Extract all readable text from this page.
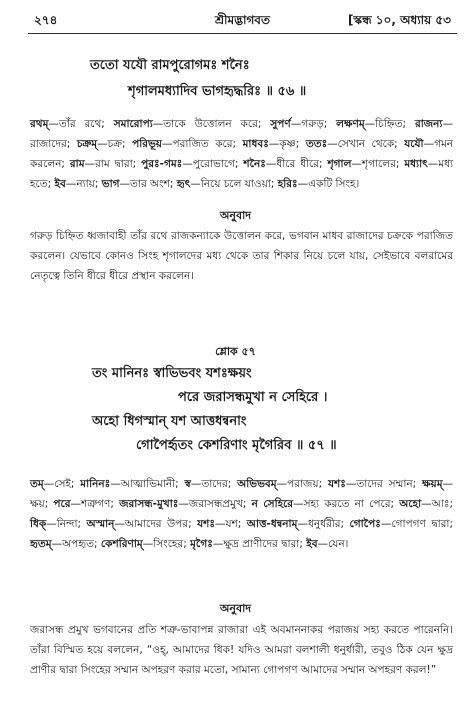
২৭৪	শ্রীমদ্ভাগবত	[স্কন্ধ ১০, অধ্যায় ৫৩
ততো যযৌ রামপুরোগমঃ শনৈঃ
শৃগালমধ্যাদিব ভাগহৃদ্ধরিঃ ॥ ৫৬ ॥
রথম্—তাঁর রথে; সমারোপ্য—তাকে উত্তোলন করে; সুপর্ণ—গরুড়; লক্ষণম্—চিহ্নিত; রাজন্য—রাজাদের; চক্রম্—চক্র; পরিভূয়—পরাজিত করে; মাধবঃ—কৃষ্ণ; ততঃ—সেখান থেকে; যযৌ—গমন করলেন; রাম—রাম দ্বারা; পুরঃ-গমঃ—পুরোভাগে; শনৈঃ—ধীরে ধীরে; শৃগাল—শৃগালের; মধ্যাৎ—মধ্য হতে; ইব—ন্যায়; ভাগ—তার অংশ; হৃৎ—নিয়ে চলে যাওয়া; হরিঃ—একটি সিংহ।
অনুবাদ
গরুড় চিহ্নিত ধ্বজাবাহী তাঁর রথে রাজকন্যাকে উত্তোলন করে, ভগবান মাধব রাজাদের চক্রকে পরাজিত করলেন। যেভাবে কোনও সিংহ শৃগালদের মধ্য থেকে তার শিকার নিয়ে চলে যায়, সেইভাবে বলরামের নেতৃত্বে তিনি ধীরে ধীরে প্রস্থান করলেন।
শ্লোক ৫৭
তং মানিনঃ স্বাভিভবং যশঃক্ষয়ং
পরে জরাসন্ধমুখা ন সেহিরে ।
অহো ধিগস্মান্‌ যশ আত্তধন্বনাং
গোপৈর্হৃতং কেশরিণাং মৃগৈরিব ॥ ৫৭ ॥
তম্—সেই; মানিনঃ—আত্মাভিমানী; স্ব—তাদের; অভিভবম্—পরাজয়; যশঃ—তাদের সম্মান; ক্ষয়ম্—ক্ষয়; পরে—শত্রুগণ; জরাসন্ধ-মুখাঃ—জরাসন্ধপ্রমুখ; ন সেহিরে—সহ্য করতে না পেরে; অহো—আঃ; ধিক্—নিন্দা; অস্মান্—আমাদের উপর; যশঃ—যশ; আত্ত-ধন্বনাম্—ধনুর্ধরীর; গোপৈঃ—গোপগণ দ্বারা; হৃতম্—অপহৃত; কেশরিণাম্—সিংহের; মৃগৈঃ—ক্ষুদ্র প্রাণীদের দ্বারা; ইব—যেন।
অনুবাদ
জরাসন্ধ প্রমুখ ভগবানের প্রতি শত্রু-ভাবাপন্ন রাজারা এই অবমাননাকর পরাজয় সহ্য করতে পারেননি। তাঁরা বিস্মিত হয়ে বললেন, “ওহ্, আমাদের ধিক! যদিও আমরা বলশালী ধনুর্ধারী, তবুও ঠিক যেন ক্ষুদ্র প্রাণীর দ্বারা সিংহের সম্মান অপহরণ করার মতো, সামান্য গোপগণ আমাদের সম্মান অপহরণ করল!”
